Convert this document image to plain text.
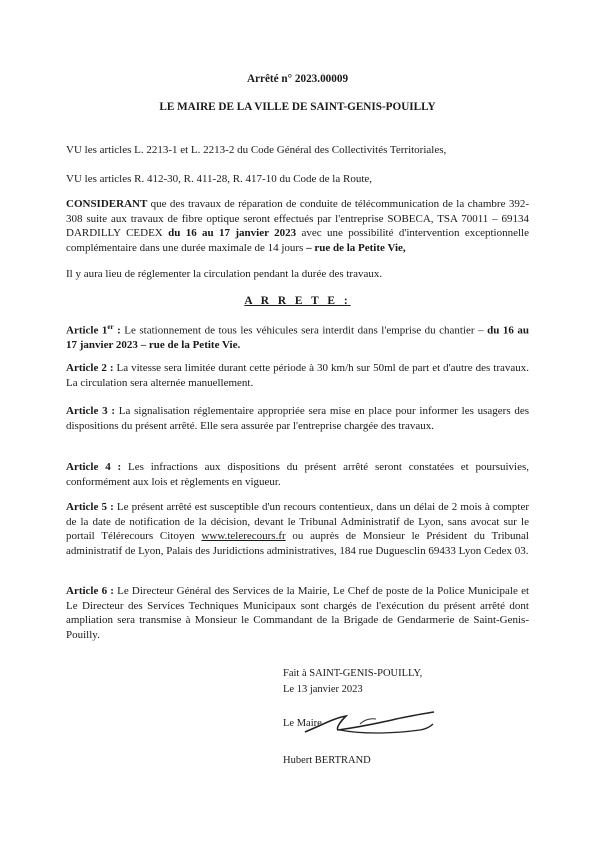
Arrêté n° 2023.00009
LE MAIRE DE LA VILLE DE SAINT-GENIS-POUILLY
VU les articles L. 2213-1 et L. 2213-2 du Code Général des Collectivités Territoriales,
VU les articles R. 412-30, R. 411-28, R. 417-10 du Code de la Route,
CONSIDERANT que des travaux de réparation de conduite de télécommunication de la chambre 392-308 suite aux travaux de fibre optique seront effectués par l'entreprise SOBECA, TSA 70011 – 69134 DARDILLY CEDEX du 16 au 17 janvier 2023 avec une possibilité d'intervention exceptionnelle complémentaire dans une durée maximale de 14 jours – rue de la Petite Vie,
Il y aura lieu de réglementer la circulation pendant la durée des travaux.
A R R E T E :
Article 1er : Le stationnement de tous les véhicules sera interdit dans l'emprise du chantier – du 16 au 17 janvier 2023 – rue de la Petite Vie.
Article 2 : La vitesse sera limitée durant cette période à 30 km/h sur 50ml de part et d'autre des travaux. La circulation sera alternée manuellement.
Article 3 : La signalisation réglementaire appropriée sera mise en place pour informer les usagers des dispositions du présent arrêté. Elle sera assurée par l'entreprise chargée des travaux.
Article 4 : Les infractions aux dispositions du présent arrêté seront constatées et poursuivies, conformément aux lois et règlements en vigueur.
Article 5 : Le présent arrêté est susceptible d'un recours contentieux, dans un délai de 2 mois à compter de la date de notification de la décision, devant le Tribunal Administratif de Lyon, sans avocat sur le portail Télérecours Citoyen www.telerecours.fr ou auprès de Monsieur le Président du Tribunal administratif de Lyon, Palais des Juridictions administratives, 184 rue Duguesclin 69433 Lyon Cedex 03.
Article 6 : Le Directeur Général des Services de la Mairie, Le Chef de poste de la Police Municipale et Le Directeur des Services Techniques Municipaux sont chargés de l'exécution du présent arrêté dont ampliation sera transmise à Monsieur le Commandant de la Brigade de Gendarmerie de Saint-Genis-Pouilly.
Fait à SAINT-GENIS-POUILLY,
Le 13 janvier 2023
Le Maire
Hubert BERTRAND
